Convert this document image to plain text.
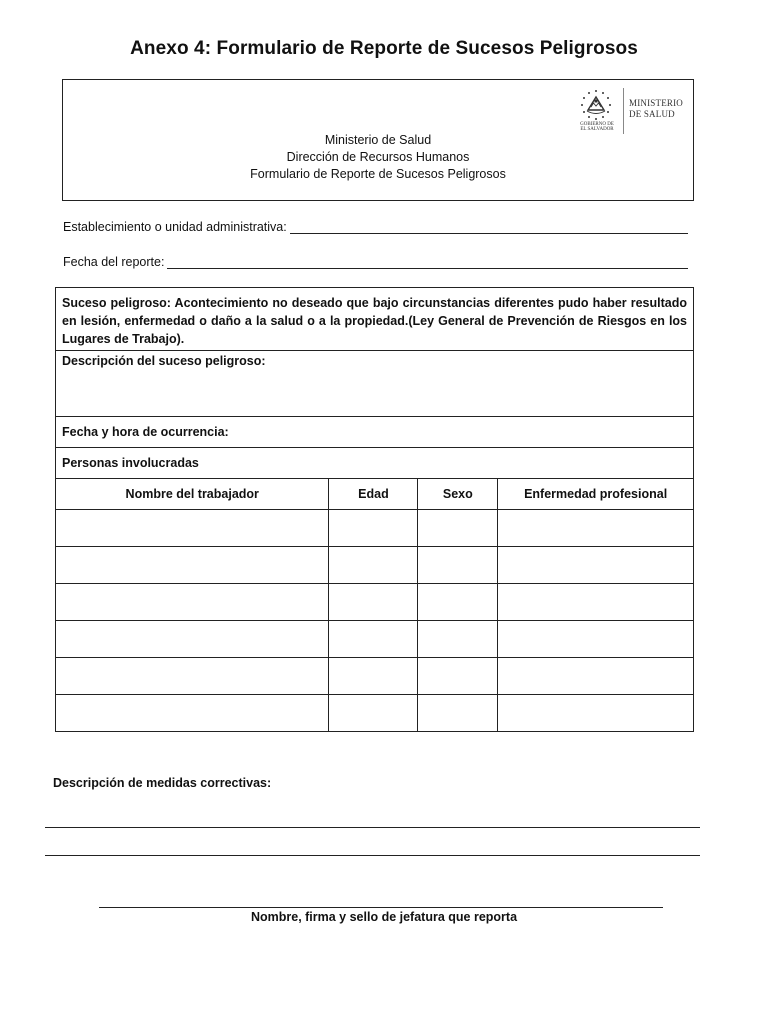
Anexo 4: Formulario de Reporte de Sucesos Peligrosos
GOBIERNO DE
EL SALVADOR
MINISTERIO
DE SALUD
Ministerio de Salud
Dirección de Recursos Humanos
Formulario de Reporte de Sucesos Peligrosos
Establecimiento o unidad administrativa:
Fecha del reporte:
Suceso peligroso: Acontecimiento no deseado que bajo circunstancias diferentes pudo haber resultado en lesión, enfermedad o daño a la salud o a la propiedad.(Ley General de Prevención de Riesgos en los Lugares de Trabajo).			
Descripción del suceso peligroso:			
Fecha y hora de ocurrencia:			
Personas involucradas			
Nombre del trabajador	Edad	Sexo	Enfermedad profesional

Descripción de medidas correctivas:
Nombre, firma y sello de jefatura que reporta
